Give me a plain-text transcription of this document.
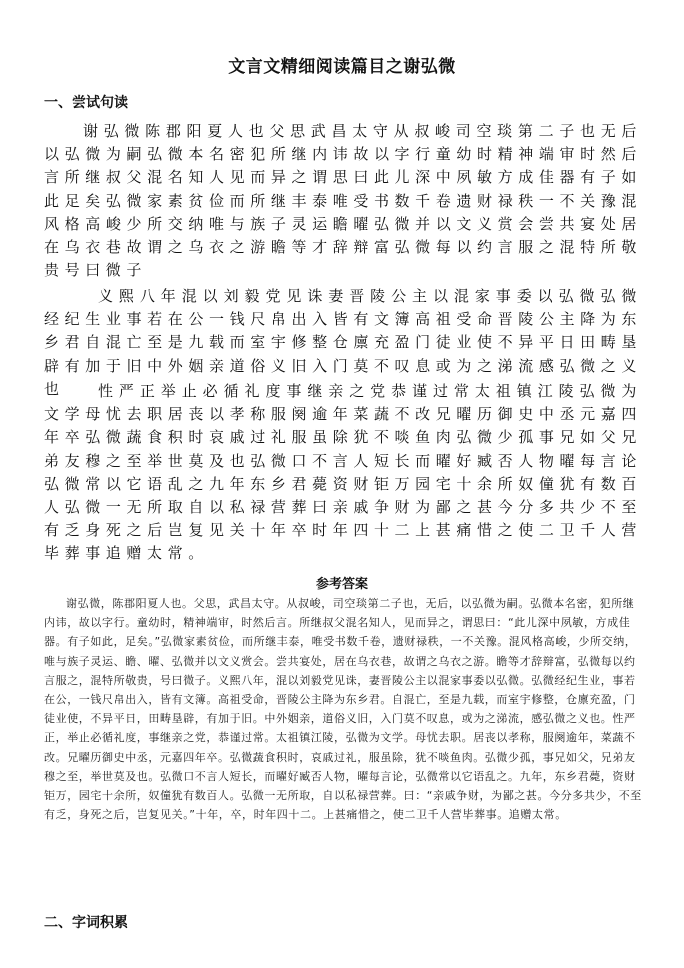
文言文精细阅读篇目之谢弘微
一、尝试句读

谢弘微陈郡阳夏人也父思武昌太守从叔峻司空琰第二子也无后以弘微为嗣弘微本名密犯所继内讳故以字行童幼时精神端审时然后言所继叔父混名知人见而异之谓思曰此儿深中夙敏方成佳器有子如此足矣弘微家素贫俭而所继丰泰唯受书数千卷遗财禄秩一不关豫混风格高峻少所交纳唯与族子灵运瞻曜弘微并以文义赏会尝共宴处居在乌衣巷故谓之乌衣之游瞻等才辞辩富弘微每以约言服之混特所敬贵号曰微子

义熙八年混以刘毅党见诛妻晋陵公主以混家事委以弘微弘微经纪生业事若在公一钱尺帛出入皆有文簿高祖受命晋陵公主降为东乡君自混亡至是九载而室宇修整仓廪充盈门徒业使不异平日田畴垦辟有加于旧中外姻亲道俗义旧入门莫不叹息或为之涕流感弘微之义也	性严正举止必循礼度事继亲之党恭谨过常太祖镇江陵弘微为文学母忧去职居丧以孝称服阕逾年菜蔬不改兄曜历御史中丞元嘉四年卒弘微蔬食积时哀戚过礼服虽除犹不啖鱼肉弘微少孤事兄如父兄弟友穆之至举世莫及也弘微口不言人短长而曜好臧否人物曜每言论弘微常以它语乱之九年东乡君薨资财钜万园宅十余所奴僮犹有数百人弘微一无所取自以私禄营葬曰亲戚争财为鄙之甚今分多共少不至有乏身死之后岂复见关十年卒时年四十二上甚痛惜之使二卫千人营毕葬事追赠太常。

参考答案

谢弘微，陈郡阳夏人也。父思，武昌太守。从叔峻，司空琰第二子也，无后，以弘微为嗣。弘微本名密，犯所继内讳，故以字行。童幼时，精神端审，时然后言。所继叔父混名知人，见而异之，谓思曰：“此儿深中夙敏，方成佳器。有子如此，足矣。”弘微家素贫俭，而所继丰泰，唯受书数千卷，遗财禄秩，一不关豫。混风格高峻，少所交纳，唯与族子灵运、瞻、曜、弘微并以文义赏会。尝共宴处，居在乌衣巷，故谓之乌衣之游。瞻等才辞辩富，弘微每以约言服之，混特所敬贵，号曰微子。义熙八年，混以刘毅党见诛，妻晋陵公主以混家事委以弘微。弘微经纪生业，事若在公，一钱尺帛出入，皆有文簿。高祖受命，晋陵公主降为东乡君。自混亡，至是九载，而室宇修整，仓廪充盈，门徒业使，不异平日，田畴垦辟，有加于旧。中外姻亲，道俗义旧，入门莫不叹息，或为之涕流，感弘微之义也。性严正，举止必循礼度，事继亲之党，恭谨过常。太祖镇江陵，弘微为文学。母忧去职。居丧以孝称，服阕逾年，菜蔬不改。兄曜历御史中丞，元嘉四年卒。弘微蔬食积时，哀戚过礼，服虽除，犹不啖鱼肉。弘微少孤，事兄如父，兄弟友穆之至，举世莫及也。弘微口不言人短长，而曜好臧否人物，曜每言论，弘微常以它语乱之。九年，东乡君薨，资财钜万，园宅十余所，奴僮犹有数百人。弘微一无所取，自以私禄营葬。曰：“亲戚争财，为鄙之甚。今分多共少，不至有乏，身死之后，岂复见关。”十年，卒，时年四十二。上甚痛惜之，使二卫千人营毕葬事。追赠太常。

二、字词积累
